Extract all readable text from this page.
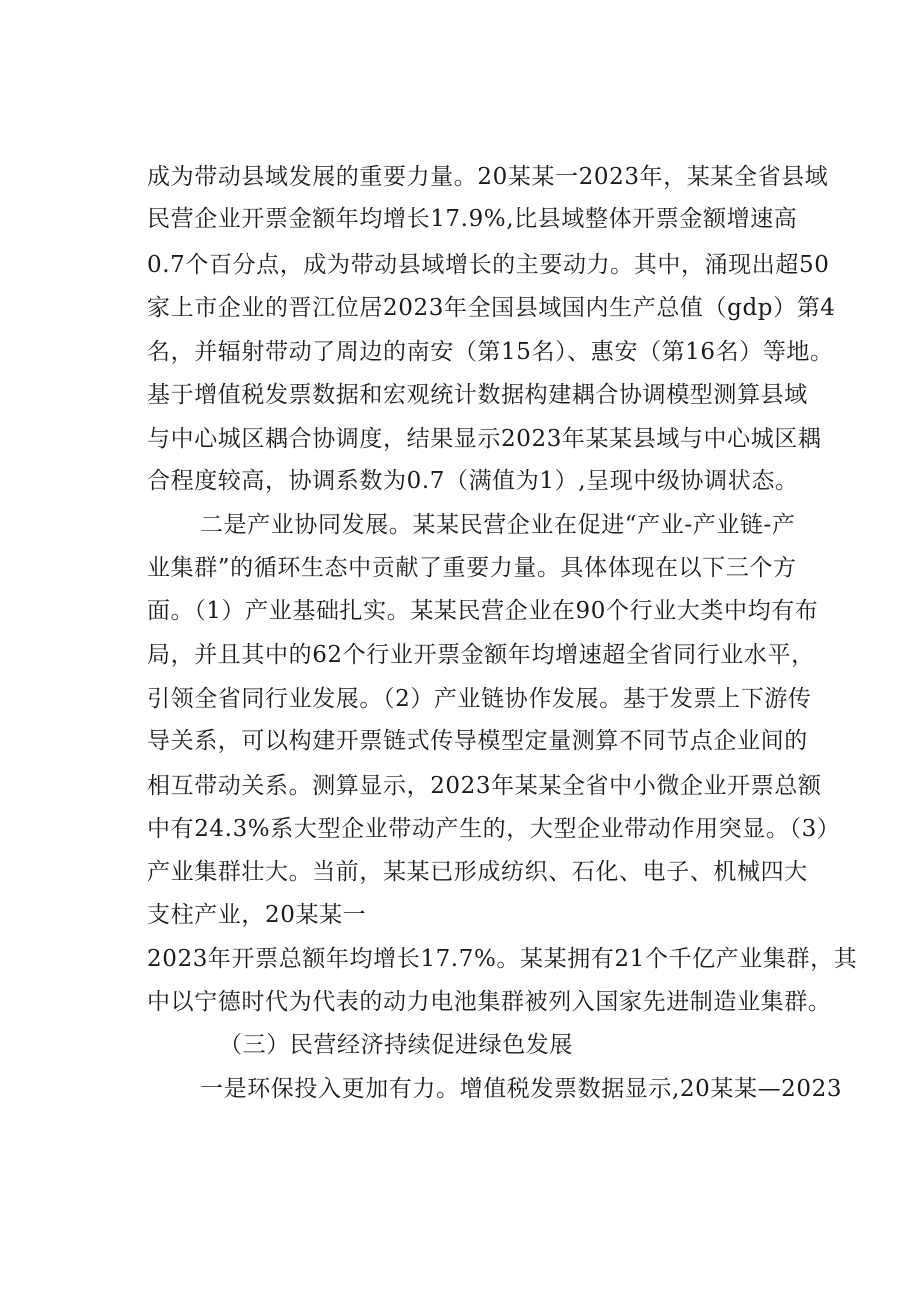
成为带动县域发展的重要力量。20某某一2023年，某某全省县域
民营企业开票金额年均增长17.9%,比县域整体开票金额增速高
0.7个百分点，成为带动县域增长的主要动力。其中，涌现出超50
家上市企业的晋江位居2023年全国县域国内生产总值（gdp）第4
名，并辐射带动了周边的南安（第15名）、惠安（第16名）等地。
基于增值税发票数据和宏观统计数据构建耦合协调模型测算县域
与中心城区耦合协调度，结果显示2023年某某县域与中心城区耦
合程度较高，协调系数为0.7（满值为1）,呈现中级协调状态。
二是产业协同发展。某某民营企业在促进“产业-产业链-产
业集群”的循环生态中贡献了重要力量。具体体现在以下三个方
面。（1）产业基础扎实。某某民营企业在90个行业大类中均有布
局，并且其中的62个行业开票金额年均增速超全省同行业水平，
引领全省同行业发展。（2）产业链协作发展。基于发票上下游传
导关系，可以构建开票链式传导模型定量测算不同节点企业间的
相互带动关系。测算显示，2023年某某全省中小微企业开票总额
中有24.3%系大型企业带动产生的，大型企业带动作用突显。（3）
产业集群壮大。当前，某某已形成纺织、石化、电子、机械四大
支柱产业，20某某一
2023年开票总额年均增长17.7%。某某拥有21个千亿产业集群，其
中以宁德时代为代表的动力电池集群被列入国家先进制造业集群。
（三）民营经济持续促进绿色发展
一是环保投入更加有力。增值税发票数据显示,20某某—2023
